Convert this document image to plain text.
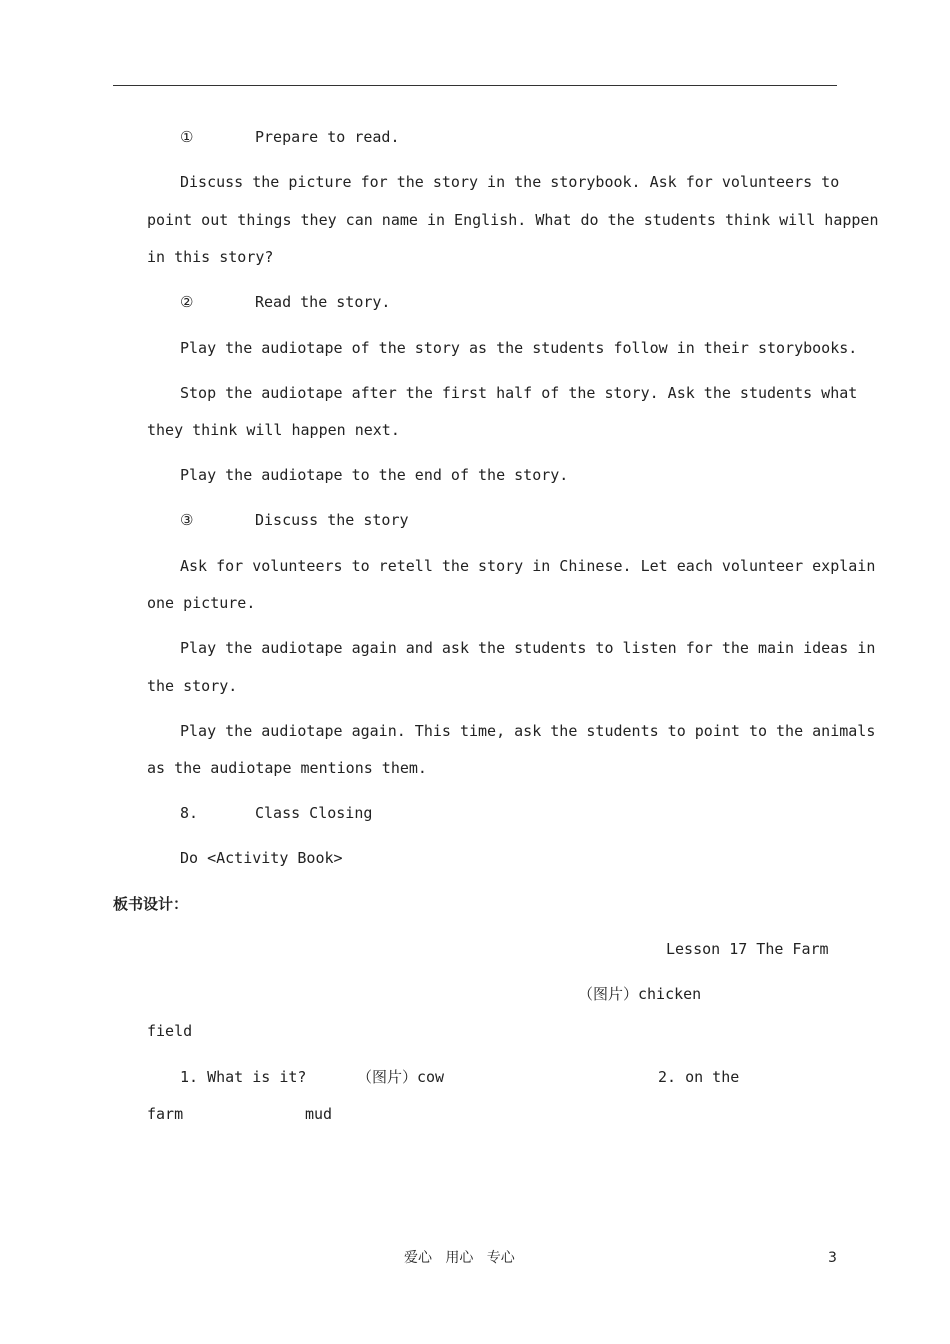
①	Prepare to read.
Discuss the picture for the story in the storybook. Ask for volunteers to
point out things they can name in English. What do the students think will happen
in this story?
②	Read the story.
Play the audiotape of the story as the students follow in their storybooks.
Stop the audiotape after the first half of the story. Ask the students what
they think will happen next.
Play the audiotape to the end of the story.
③	Discuss the story
Ask for volunteers to retell the story in Chinese. Let each volunteer explain
one picture.
Play the audiotape again and ask the students to listen for the main ideas in
the story.
Play the audiotape again. This time, ask the students to point to the animals
as the audiotape mentions them.
8.	Class Closing
Do <Activity Book>
板书设计：
Lesson 17 The Farm
（图片）chicken
field
1. What is it?	（图片）cow	2. on the
farm	mud
爱心   用心   专心	3
